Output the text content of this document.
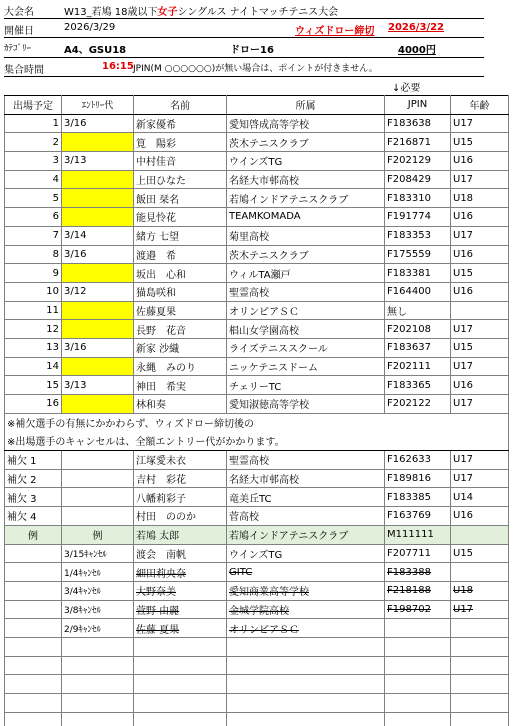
大会名	W13_若鳩 18歳以下女子シングルス ナイトマッチテニス大会
開催日	2026/3/29	ウィズドロー締切 2026/3/22
ｶﾃｺﾞﾘｰ	A4、GSU18	ドロー16	4000円
集合時間	16:15 JPIN(M ○○○○○○)が無い場合は、ポイントが付きません。
↓必要
出場予定	ｴﾝﾄﾘｰ代	名前	所属	JPIN	年齢
1	3/16	新家優希	愛知啓成高等学校	F183638	U17
2		筧　陽彩	茨木テニスクラブ	F216871	U15
3	3/13	中村佳音	ウインズTG	F202129	U16
4		上田ひなた	名経大市邨高校	F208429	U17
5		飯田 栞名	若鳩インドアテニスクラブ	F183310	U18
6		能見怜花	TEAMKOMADA	F191774	U16
7	3/14	緒方 七望	菊里高校	F183353	U17
8	3/16	渡邉　希	茨木テニスクラブ	F175559	U16
9		坂出　心和	ウィルTA瀬戸	F183381	U15
10	3/12	猫島咲和	聖霊高校	F164400	U16
11		佐藤夏果	オリンピアＳＣ	無し	
12		長野　花音	椙山女学園高校	F202108	U17
13	3/16	新家 沙織	ライズテニススクール	F183637	U15
14		永縄　みのり	ニッケテニスドーム	F202111	U17
15	3/13	神田　希実	チェリーTC	F183365	U16
16		林和奏	愛知淑徳高等学校	F202122	U17
※補欠選手の有無にかかわらず、ウィズドロー締切後の					
※出場選手のキャンセルは、全額エントリー代がかかります。					
補欠 1		江塚愛未衣	聖霊高校	F162633	U17
補欠 2		吉村　彩花	名経大市邨高校	F189816	U17
補欠 3		八幡莉彩子	竜美丘TC	F183385	U14
補欠 4		村田　ののか	菅高校	F163769	U16
例	例	若鳩 太郎	若鳩インドアテニスクラブ	M111111	
	3/15ｷｬﾝｾﾙ	渡会　南帆	ウインズTG	F207711	U15
	1/4ｷｬﾝｾﾙ	細田莉央奈	GITC	F183388	
	3/4ｷｬﾝｾﾙ	大野奈美	愛知商業高等学校	F218188	U18
	3/8ｷｬﾝｾﾙ	萱野 由麗	金城学院高校	F198702	U17
	2/9ｷｬﾝｾﾙ	佐藤 夏果	オリンピアＳＣ		
